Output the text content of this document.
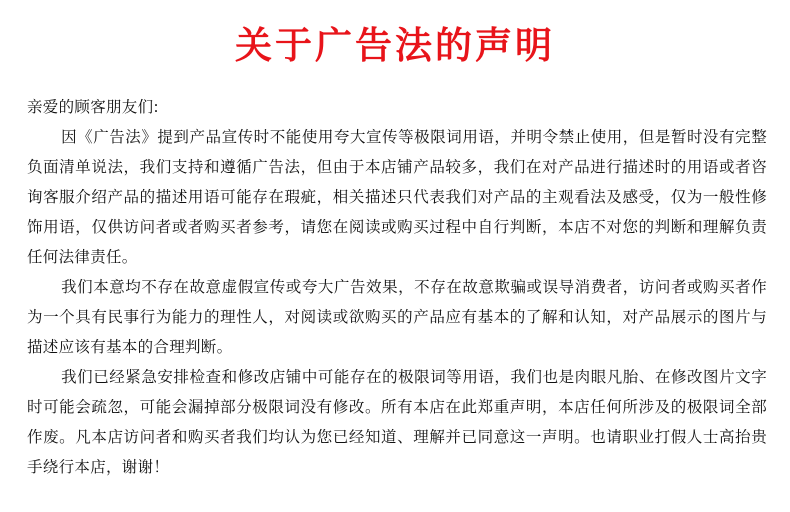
关于广告法的声明

亲爱的顾客朋友们:

因《广告法》提到产品宣传时不能使用夸大宣传等极限词用语，并明令禁止使用，但是暂时没有完整负面清单说法，我们支持和遵循广告法，但由于本店铺产品较多，我们在对产品进行描述时的用语或者咨询客服介绍产品的描述用语可能存在瑕疵，相关描述只代表我们对产品的主观看法及感受，仅为一般性修饰用语，仅供访问者或者购买者参考，请您在阅读或购买过程中自行判断，本店不对您的判断和理解负责任何法律责任。

我们本意均不存在故意虚假宣传或夸大广告效果，不存在故意欺骗或误导消费者，访问者或购买者作为一个具有民事行为能力的理性人，对阅读或欲购买的产品应有基本的了解和认知，对产品展示的图片与描述应该有基本的合理判断。

我们已经紧急安排检查和修改店铺中可能存在的极限词等用语，我们也是肉眼凡胎、在修改图片文字时可能会疏忽，可能会漏掉部分极限词没有修改。所有本店在此郑重声明，本店任何所涉及的极限词全部作废。凡本店访问者和购买者我们均认为您已经知道、理解并已同意这一声明。也请职业打假人士高抬贵手绕行本店，谢谢！
